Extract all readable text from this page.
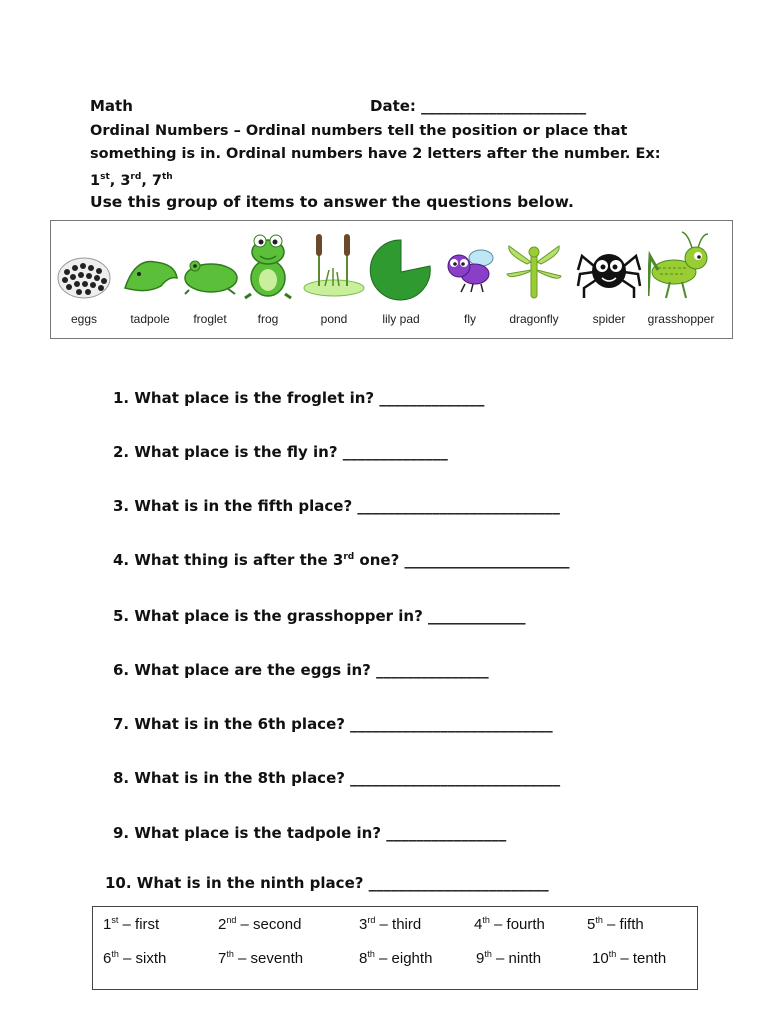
Math	Date: ______________________
Ordinal Numbers – Ordinal numbers tell the position or place that
something is in. Ordinal numbers have 2 letters after the number. Ex:
1st, 3rd, 7th
Use this group of items to answer the questions below.
eggs	tadpole	froglet	frog	pond	lily pad	fly	dragonfly	spider	grasshopper
1. What place is the froglet in? ______________
2. What place is the fly in? ______________
3. What is in the fifth place? ___________________________
4. What thing is after the 3rd one? ______________________
5. What place is the grasshopper in? _____________
6. What place are the eggs in? _______________
7. What is in the 6th place? ___________________________
8. What is in the 8th place? ____________________________
9. What place is the tadpole in? ________________
10. What is in the ninth place? ________________________
1st – first	2nd – second	3rd – third	4th – fourth	5th – fifth
6th – sixth	7th – seventh	8th – eighth	9th – ninth	10th – tenth
